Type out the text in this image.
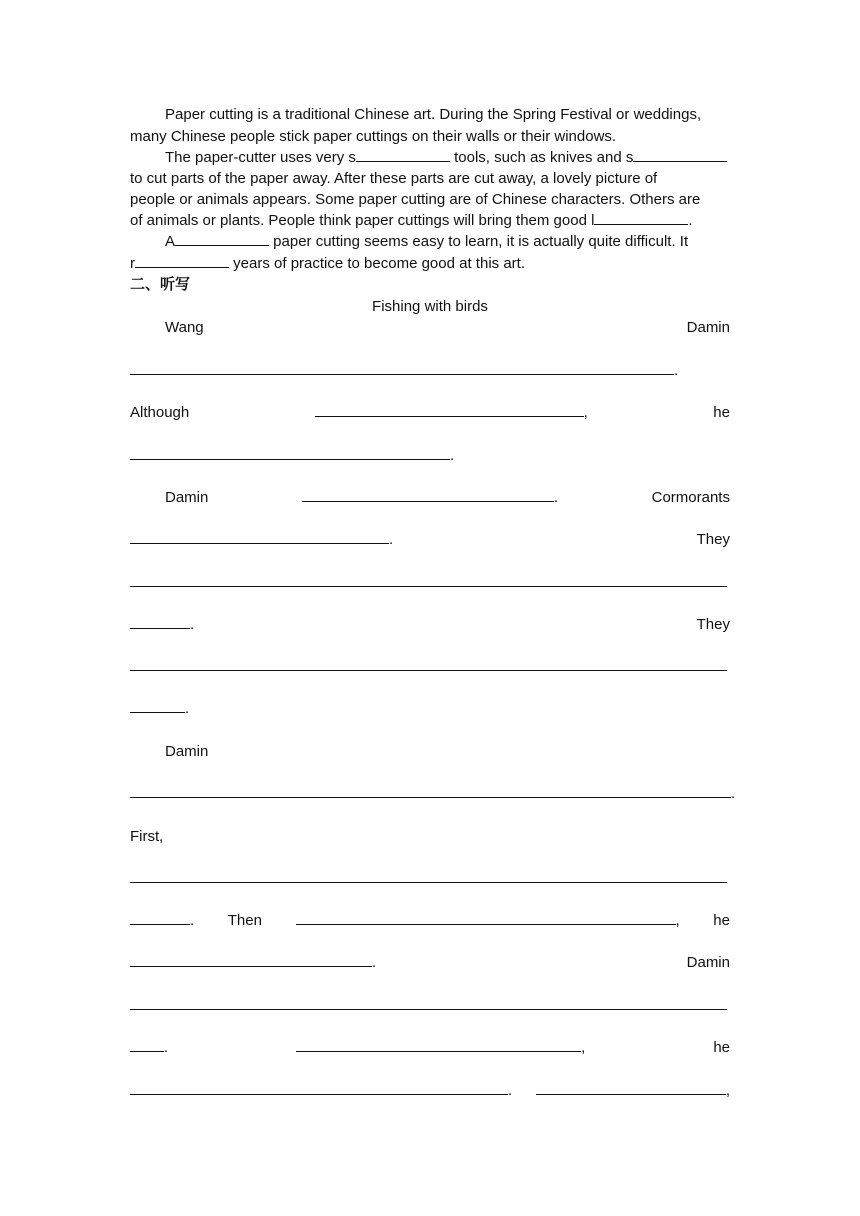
Paper cutting is a traditional Chinese art. During the Spring Festival or weddings,
many Chinese people stick paper cuttings on their walls or their windows.
The paper-cutter uses very s	tools, such as knives and s
to cut parts of the paper away. After these parts are cut away, a lovely picture of
people or animals appears. Some paper cutting are of Chinese characters. Others are
of animals or plants. People think paper cuttings will bring them good l	.
A	paper cutting seems easy to learn, it is actually quite difficult. It
r	years of practice to become good at this art.
二、听写
Fishing with birds
Wang	Damin
.
Although	,	he
.
Damin	.	Cormorants
.	They
.	They
.
Damin
.
First,
. Then	, he
.	Damin
.	,	he
.	,
